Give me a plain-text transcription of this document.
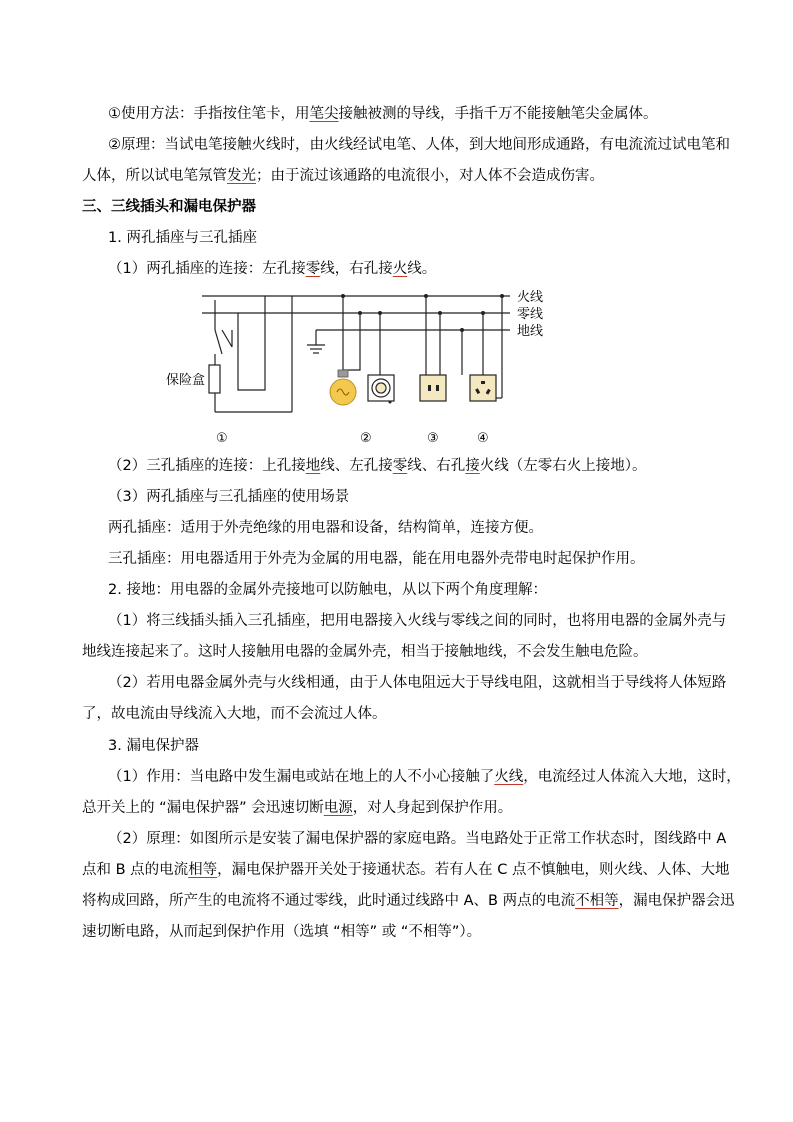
①使用方法：手指按住笔卡，用笔尖接触被测的导线，手指千万不能接触笔尖金属体。
②原理：当试电笔接触火线时，由火线经试电笔、人体，到大地间形成通路，有电流流过试电笔和
人体，所以试电笔氖管发光；由于流过该通路的电流很小，对人体不会造成伤害。
三、三线插头和漏电保护器
1. 两孔插座与三孔插座
（1）两孔插座的连接：左孔接零线，右孔接火线。
火线
零线
地线
保险盒
①	②	③	④
（2）三孔插座的连接：上孔接地线、左孔接零线、右孔接火线（左零右火上接地）。
（3）两孔插座与三孔插座的使用场景
两孔插座：适用于外壳绝缘的用电器和设备，结构简单，连接方便。
三孔插座：用电器适用于外壳为金属的用电器，能在用电器外壳带电时起保护作用。
2. 接地：用电器的金属外壳接地可以防触电，从以下两个角度理解：
（1）将三线插头插入三孔插座，把用电器接入火线与零线之间的同时，也将用电器的金属外壳与
地线连接起来了。这时人接触用电器的金属外壳，相当于接触地线，不会发生触电危险。
（2）若用电器金属外壳与火线相通，由于人体电阻远大于导线电阻，这就相当于导线将人体短路
了，故电流由导线流入大地，而不会流过人体。
3. 漏电保护器
（1）作用：当电路中发生漏电或站在地上的人不小心接触了火线，电流经过人体流入大地，这时，
总开关上的 “漏电保护器” 会迅速切断电源，对人身起到保护作用。
（2）原理：如图所示是安装了漏电保护器的家庭电路。当电路处于正常工作状态时，图线路中 A
点和 B 点的电流相等，漏电保护器开关处于接通状态。若有人在 C 点不慎触电，则火线、人体、大地
将构成回路，所产生的电流将不通过零线，此时通过线路中 A、B 两点的电流不相等，漏电保护器会迅
速切断电路，从而起到保护作用（选填 “相等” 或 “不相等”）。
